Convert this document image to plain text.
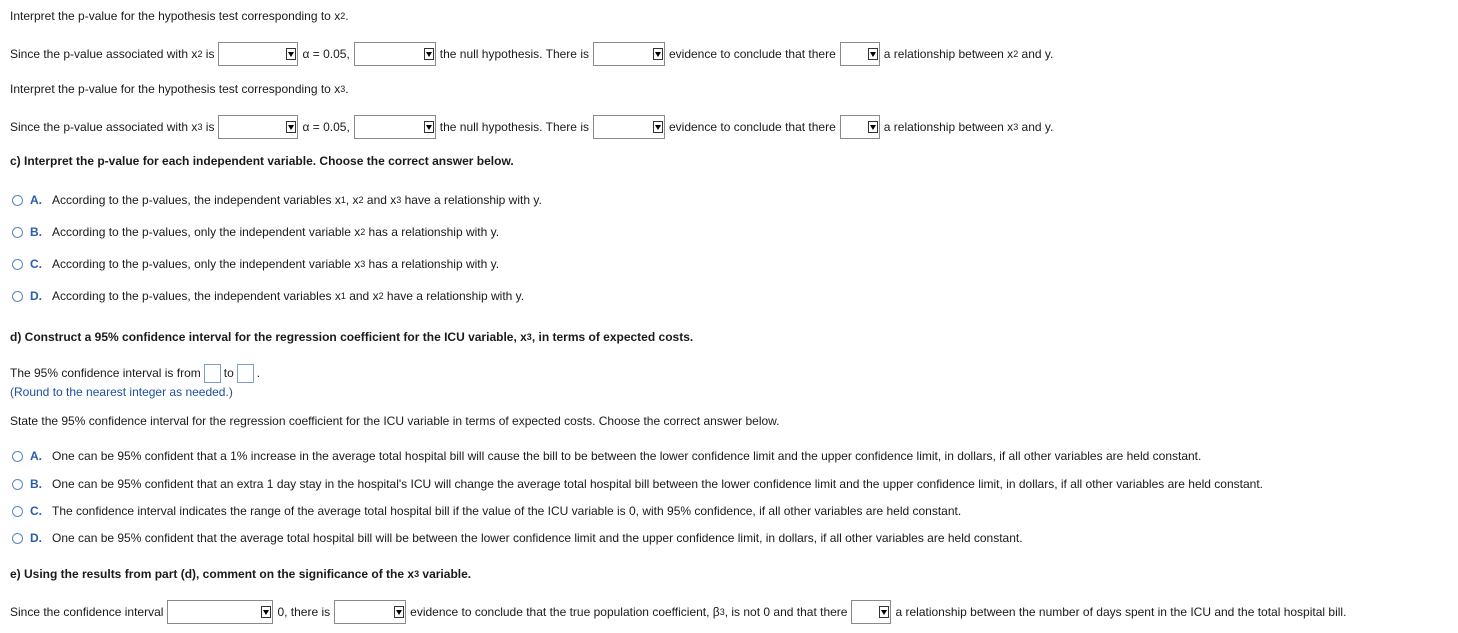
Interpret the p-value for the hypothesis test corresponding to x 2 .
Since the p-value associated with x 2
is	α = 0.05,	the null hypothesis. There is	evidence to conclude that there	a relationship between x 2
and y.
Interpret the p-value for the hypothesis test corresponding to x 3 .
Since the p-value associated with x 3
is	α = 0.05,	the null hypothesis. There is	evidence to conclude that there	a relationship between x 3
and y.
c) Interpret the p-value for each independent variable. Choose the correct answer below.
A. According to the p-values, the independent variables x 1 , x 2 and x 3 have a relationship with y.
B. According to the p-values, only the independent variable x 2 has a relationship with y.
C. According to the p-values, only the independent variable x 3 has a relationship with y.
D. According to the p-values, the independent variables x 1 and x 2 have a relationship with y.
d) Construct a 95% confidence interval for the regression coefficient for the ICU variable, x 3 , in terms of expected costs.
The 95% confidence interval is from to .
(Round to the nearest integer as needed.)
State the 95% confidence interval for the regression coefficient for the ICU variable in terms of expected costs. Choose the correct answer below.
A. One can be 95% confident that a 1% increase in the average total hospital bill will cause the bill to be between the lower confidence limit and the upper confidence limit, in dollars, if all other variables are held constant.
B. One can be 95% confident that an extra 1 day stay in the hospital's ICU will change the average total hospital bill between the lower confidence limit and the upper confidence limit, in dollars, if all other variables are held constant.
C. The confidence interval indicates the range of the average total hospital bill if the value of the ICU variable is 0, with 95% confidence, if all other variables are held constant.
D. One can be 95% confident that the average total hospital bill will be between the lower confidence limit and the upper confidence limit, in dollars, if all other variables are held constant.
e) Using the results from part (d), comment on the significance of the x 3 variable.
Since the confidence interval	0, there is	evidence to conclude that the true population coefficient, β 3 , is not 0 and that there	a relationship between the number of days spent in the ICU and the total hospital bill.
